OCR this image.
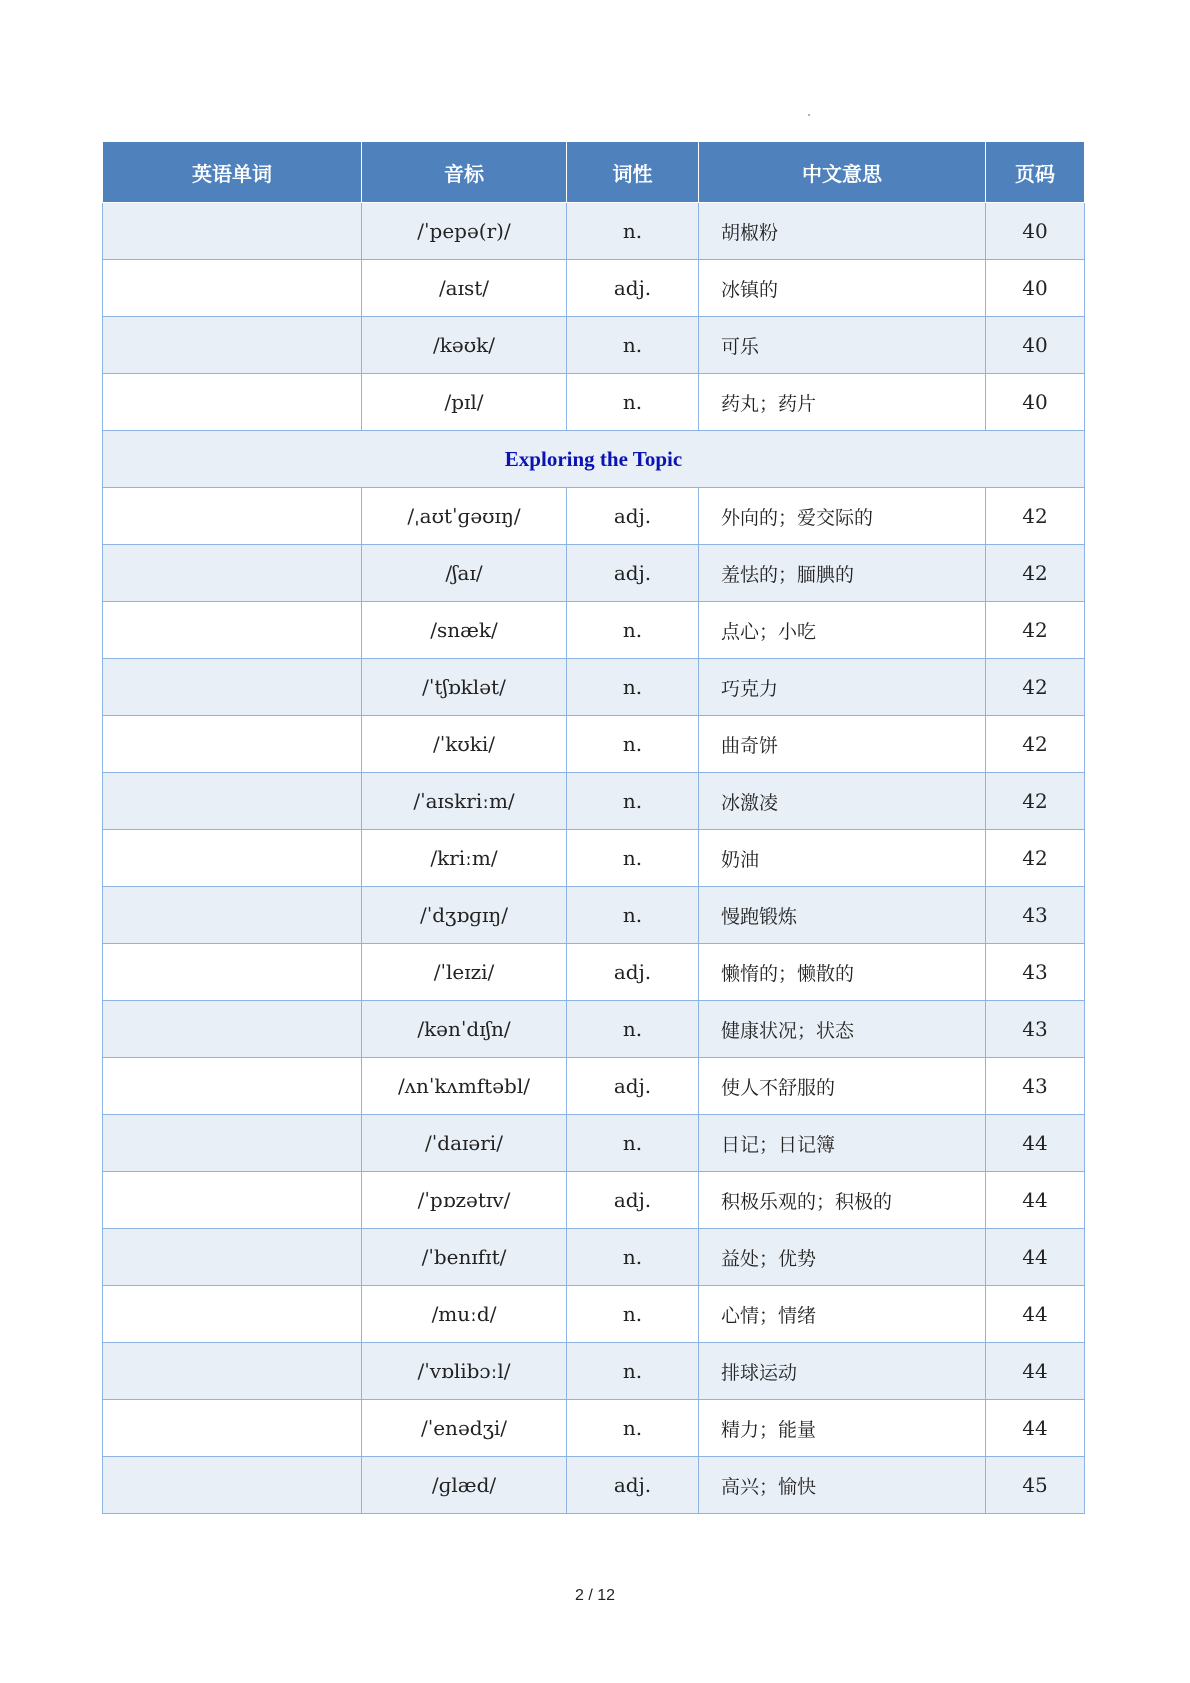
英语单词	音标	词性	中文意思	页码
	/ˈpepə(r)/	n.	胡椒粉	40
	/aɪst/	adj.	冰镇的	40
	/kəʊk/	n.	可乐	40
	/pɪl/	n.	药丸；药片	40
Exploring the Topic				
	/ˌaʊtˈɡəʊɪŋ/	adj.	外向的；爱交际的	42
	/ʃaɪ/	adj.	羞怯的；腼腆的	42
	/snæk/	n.	点心；小吃	42
	/ˈtʃɒklət/	n.	巧克力	42
	/ˈkʊki/	n.	曲奇饼	42
	/ˈaɪskriːm/	n.	冰激凌	42
	/kriːm/	n.	奶油	42
	/ˈdʒɒɡɪŋ/	n.	慢跑锻炼	43
	/ˈleɪzi/	adj.	懒惰的；懒散的	43
	/kənˈdɪʃn/	n.	健康状况；状态	43
	/ʌnˈkʌmftəbl/	adj.	使人不舒服的	43
	/ˈdaɪəri/	n.	日记；日记簿	44
	/ˈpɒzətɪv/	adj.	积极乐观的；积极的	44
	/ˈbenɪfɪt/	n.	益处；优势	44
	/muːd/	n.	心情；情绪	44
	/ˈvɒlibɔːl/	n.	排球运动	44
	/ˈenədʒi/	n.	精力；能量	44
	/ɡlæd/	adj.	高兴；愉快	45
2 / 12
